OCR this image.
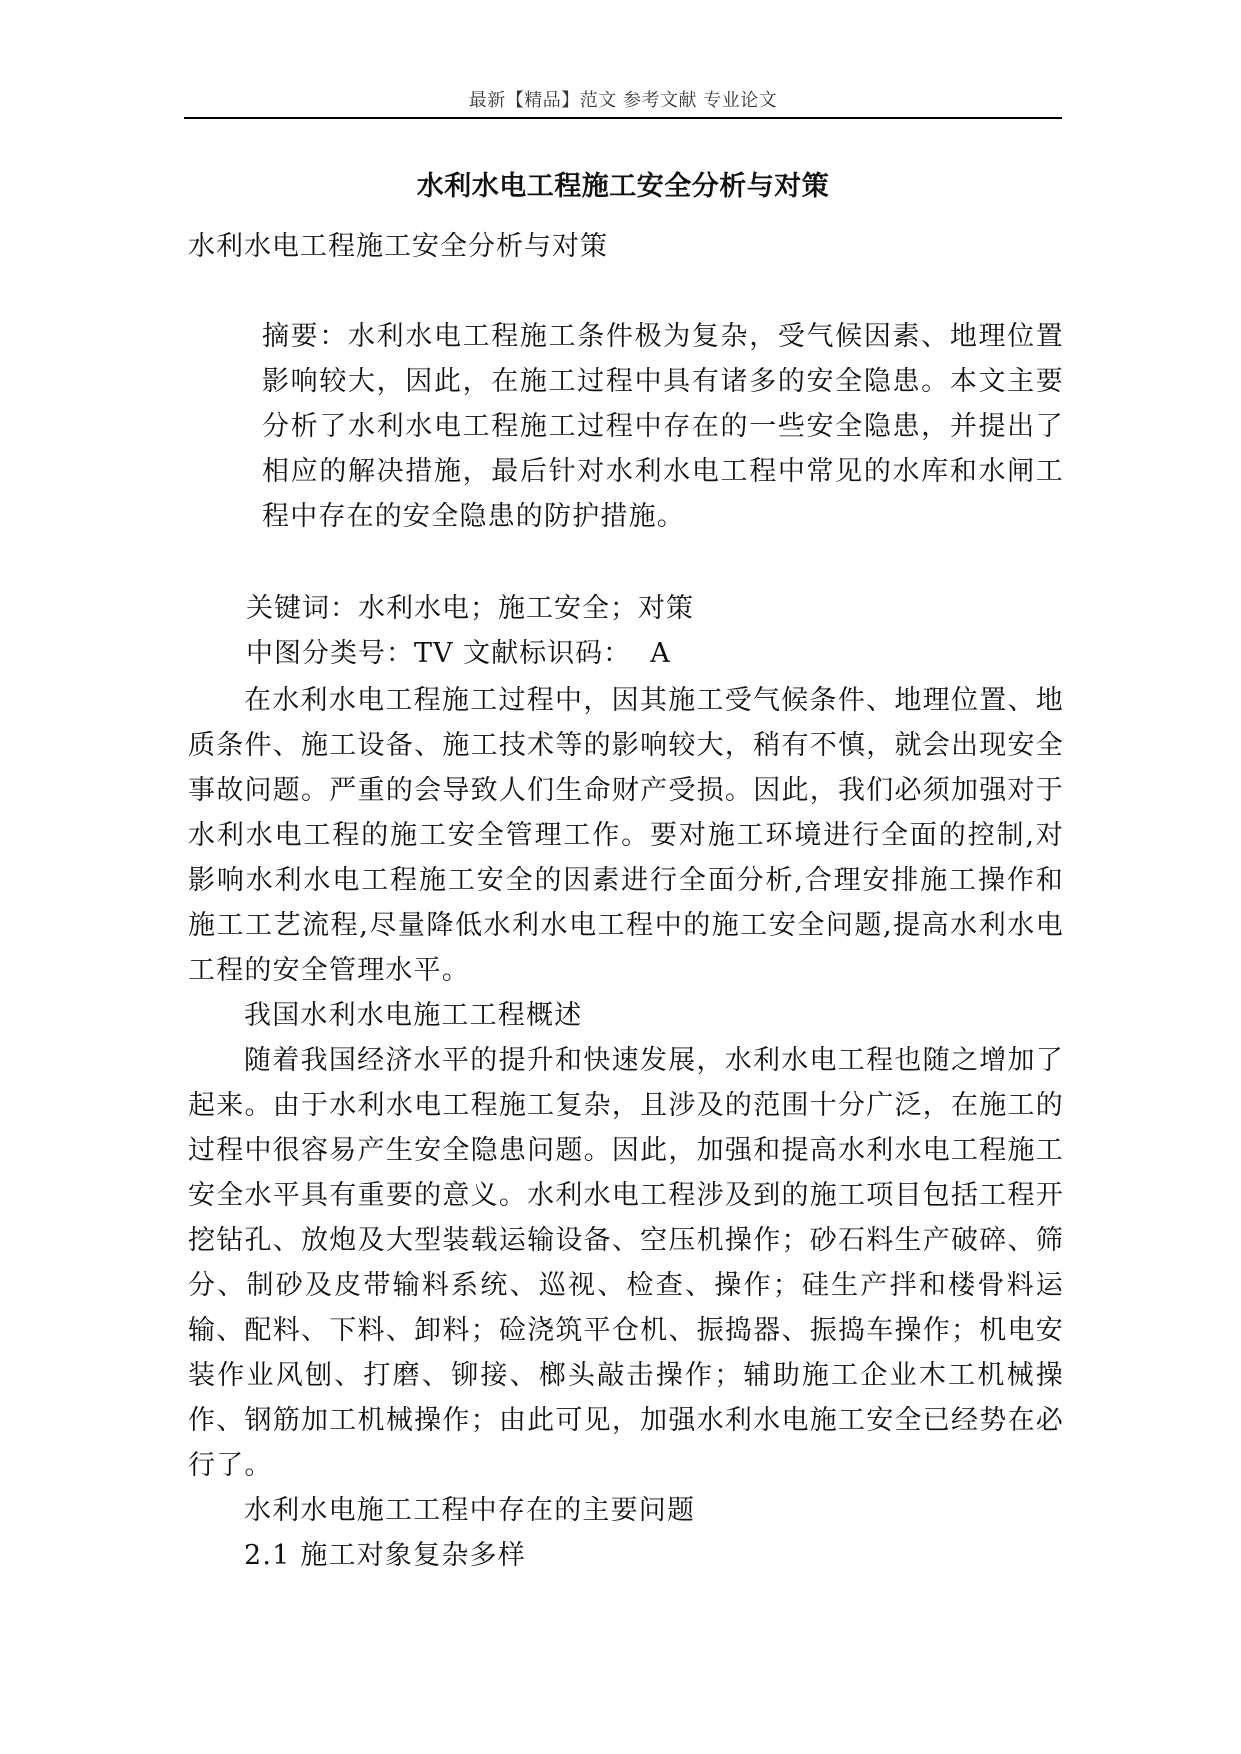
最新【精品】范文 参考文献 专业论文
水利水电工程施工安全分析与对策
水利水电工程施工安全分析与对策
摘要：水利水电工程施工条件极为复杂，受气候因素、地理位置影响较大，因此，在施工过程中具有诸多的安全隐患。本文主要分析了水利水电工程施工过程中存在的一些安全隐患，并提出了相应的解决措施，最后针对水利水电工程中常见的水库和水闸工程中存在的安全隐患的防护措施。
关键词：水利水电；施工安全；对策
中图分类号：TV 文献标识码：  A

在水利水电工程施工过程中，因其施工受气候条件、地理位置、地质条件、施工设备、施工技术等的影响较大，稍有不慎，就会出现安全事故问题。严重的会导致人们生命财产受损。因此，我们必须加强对于水利水电工程的施工安全管理工作。要对施工环境进行全面的控制,对影响水利水电工程施工安全的因素进行全面分析,合理安排施工操作和施工工艺流程,尽量降低水利水电工程中的施工安全问题,提高水利水电工程的安全管理水平。

我国水利水电施工工程概述

随着我国经济水平的提升和快速发展，水利水电工程也随之增加了起来。由于水利水电工程施工复杂，且涉及的范围十分广泛，在施工的过程中很容易产生安全隐患问题。因此，加强和提高水利水电工程施工安全水平具有重要的意义。水利水电工程涉及到的施工项目包括工程开挖钻孔、放炮及大型装载运输设备、空压机操作；砂石料生产破碎、筛分、制砂及皮带输料系统、巡视、检查、操作；硅生产拌和楼骨料运输、配料、下料、卸料；硷浇筑平仓机、振捣器、振捣车操作；机电安装作业风刨、打磨、铆接、榔头敲击操作；辅助施工企业木工机械操作、钢筋加工机械操作；由此可见，加强水利水电施工安全已经势在必行了。

水利水电施工工程中存在的主要问题

2.1 施工对象复杂多样
